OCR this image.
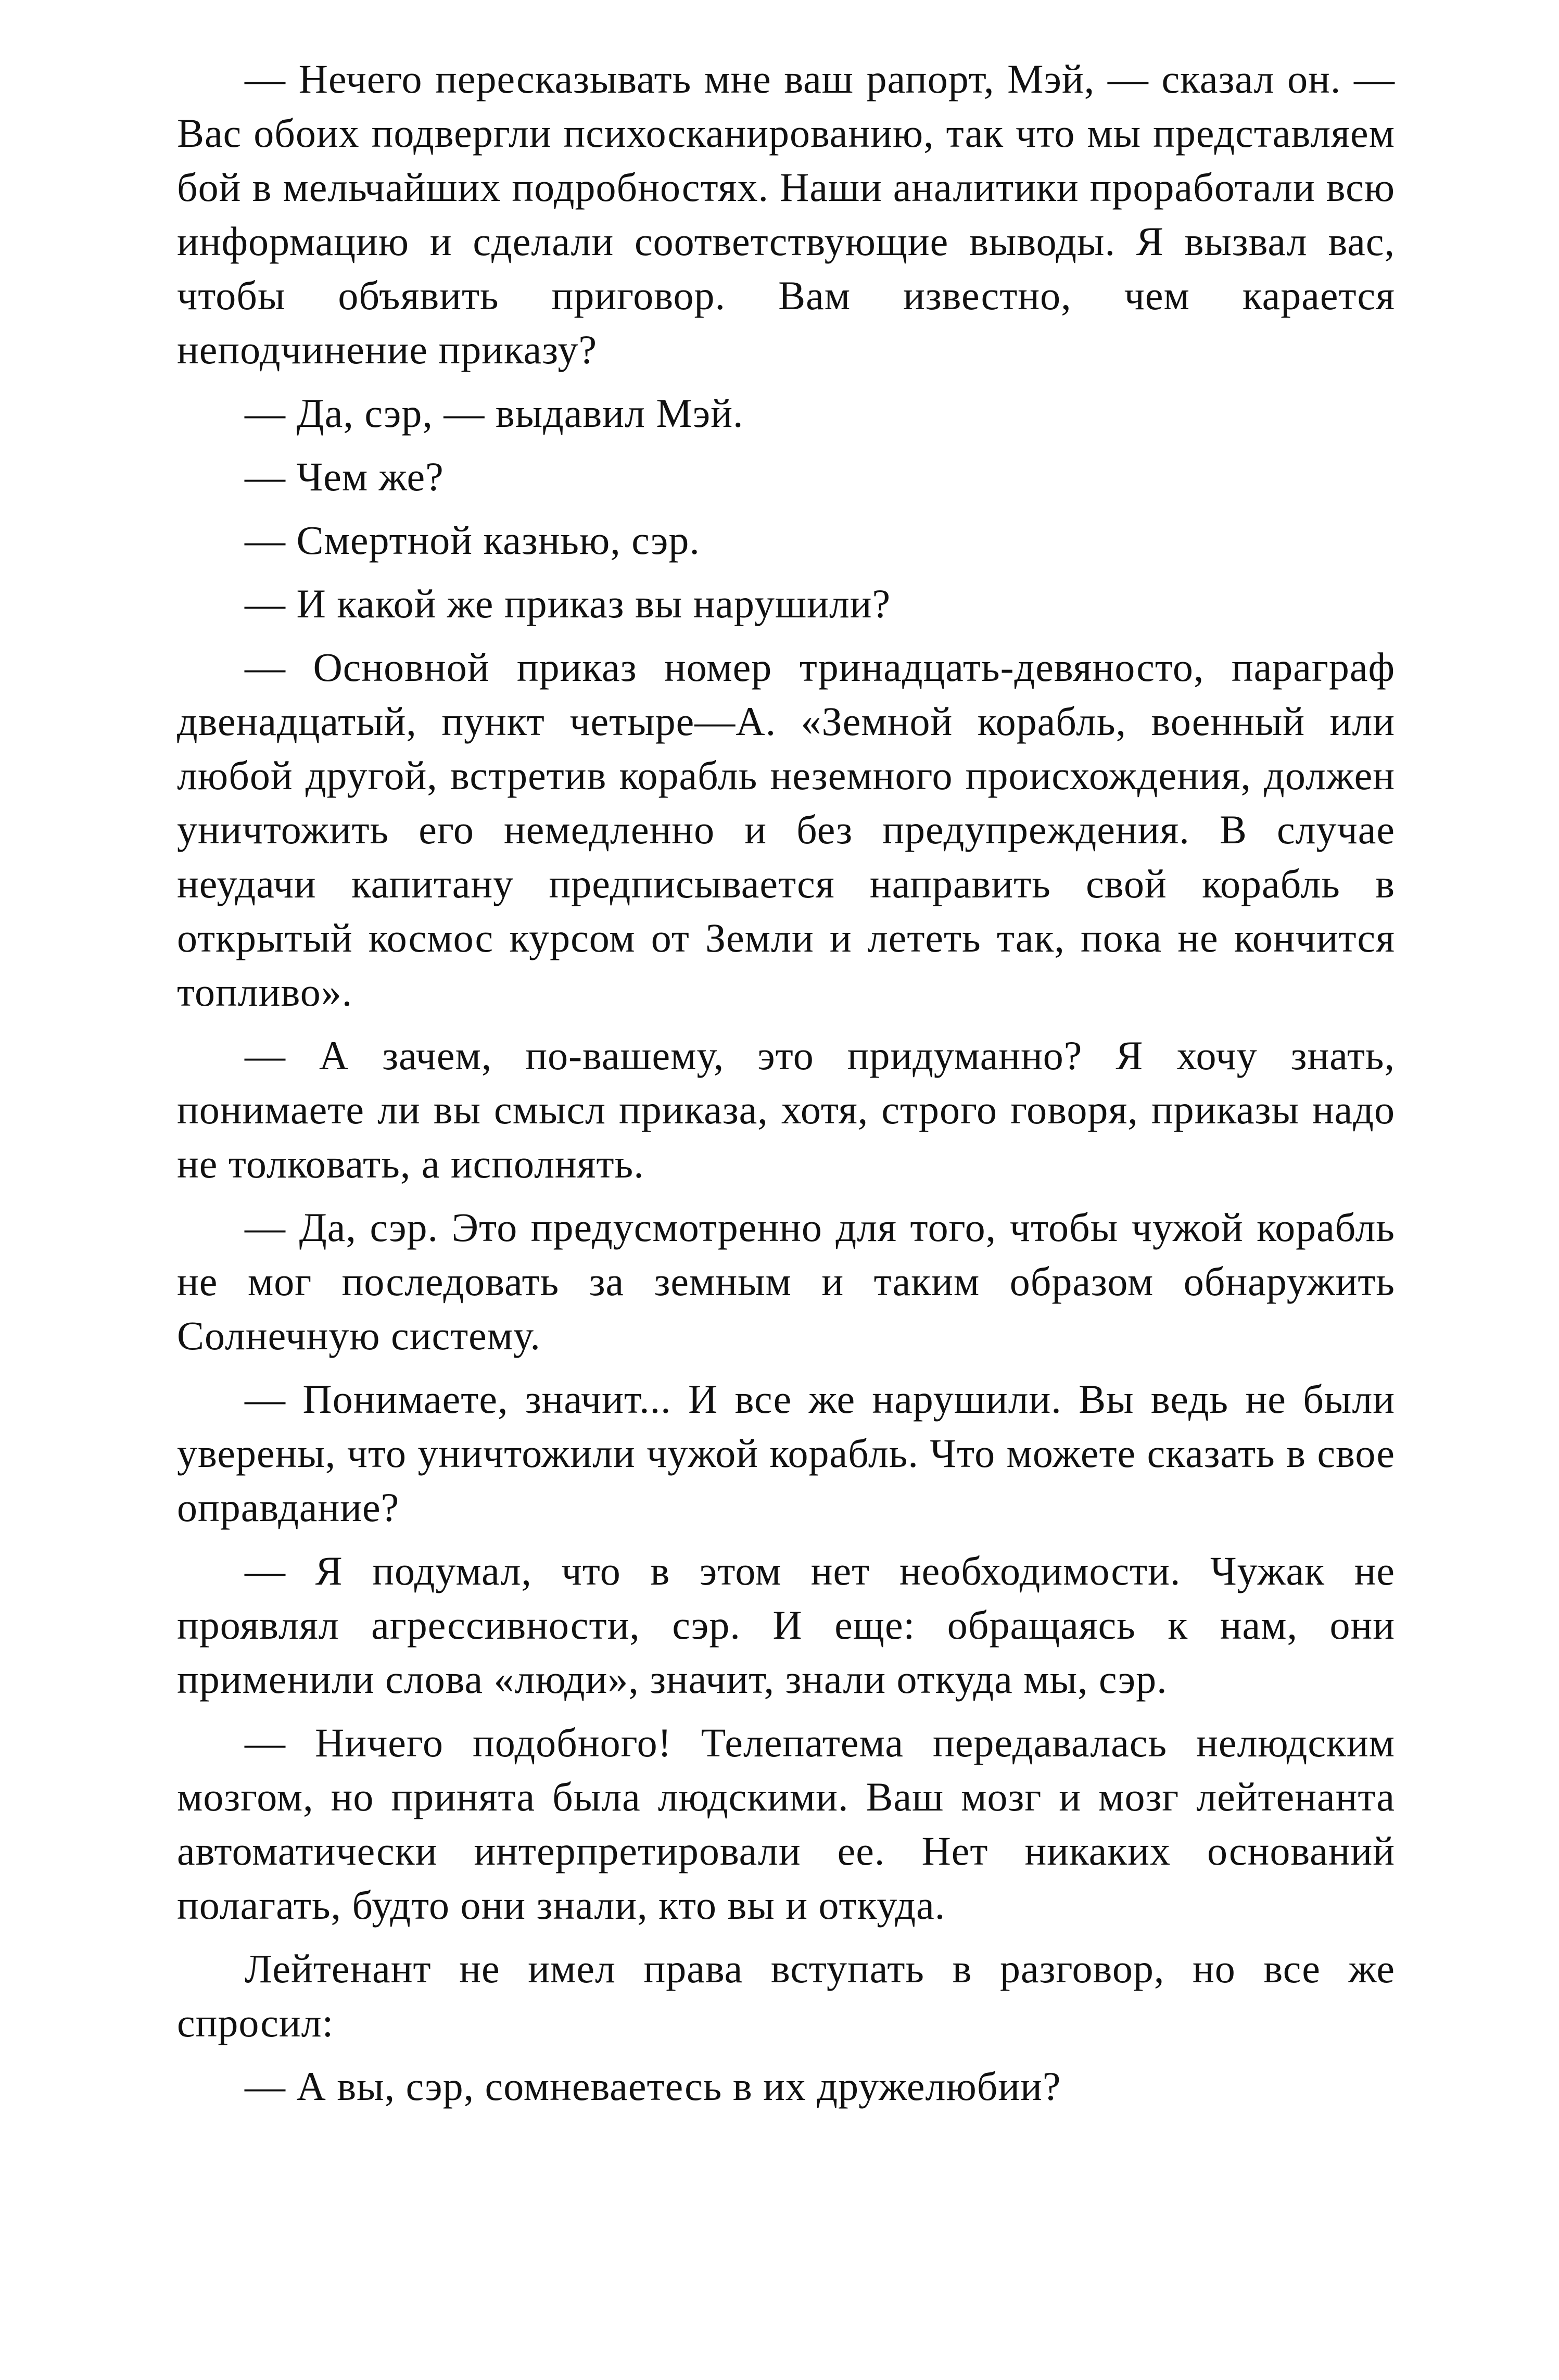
— Нечего пересказывать мне ваш рапорт, Мэй, — сказал он. — Вас обоих подвергли психосканированию, так что мы представляем бой в мельчайших подробностях. Наши аналитики проработали всю информацию и сделали соответствующие выводы. Я вызвал вас, чтобы объявить приговор. Вам известно, чем карается неподчинение приказу?

— Да, сэр, — выдавил Мэй.

— Чем же?

— Смертной казнью, сэр.

— И какой же приказ вы нарушили?

— Основной приказ номер тринадцать-девяносто, параграф двенадцатый, пункт четыре—А. «Земной корабль, военный или любой другой, встретив корабль неземного происхождения, должен уничтожить его немедленно и без предупреждения. В случае неудачи капитану предписывается направить свой корабль в открытый космос курсом от Земли и лететь так, пока не кончится топливо».

— А зачем, по-вашему, это придуманно? Я хочу знать, понимаете ли вы смысл приказа, хотя, строго говоря, приказы надо не толковать, а исполнять.

— Да, сэр. Это предусмотренно для того, чтобы чужой корабль не мог последовать за земным и таким образом обнаружить Солнечную систему.

— Понимаете, значит... И все же нарушили. Вы ведь не были уверены, что уничтожили чужой корабль. Что можете сказать в свое оправдание?

— Я подумал, что в этом нет необходимости. Чужак не проявлял агрессивности, сэр. И еще: обращаясь к нам, они применили слова «люди», значит, знали откуда мы, сэр.

— Ничего подобного! Телепатема передавалась нелюдским мозгом, но принята была людскими. Ваш мозг и мозг лейтенанта автоматически интерпретировали ее. Нет никаких оснований полагать, будто они знали, кто вы и откуда.

Лейтенант не имел права вступать в разговор, но все же спросил:

— А вы, сэр, сомневаетесь в их дружелюбии?
